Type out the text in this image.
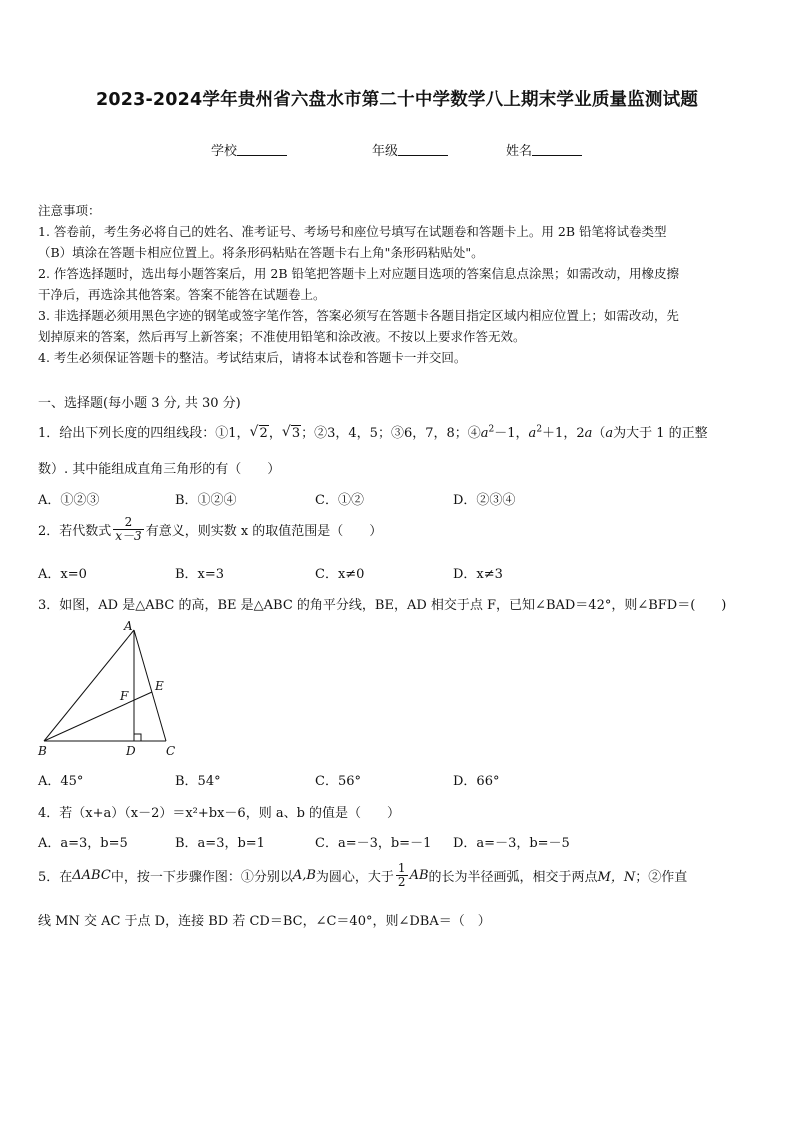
2023-2024学年贵州省六盘水市第二十中学数学八上期末学业质量监测试题
学校	年级	姓名
注意事项：
1. 答卷前，考生务必将自己的姓名、准考证号、考场号和座位号填写在试题卷和答题卡上。用 2B 铅笔将试卷类型
（B）填涂在答题卡相应位置上。将条形码粘贴在答题卡右上角"条形码粘贴处"。
2. 作答选择题时，选出每小题答案后，用 2B 铅笔把答题卡上对应题目选项的答案信息点涂黑；如需改动，用橡皮擦
干净后，再选涂其他答案。答案不能答在试题卷上。
3. 非选择题必须用黑色字迹的钢笔或签字笔作答，答案必须写在答题卡各题目指定区域内相应位置上；如需改动，先
划掉原来的答案，然后再写上新答案；不准使用铅笔和涂改液。不按以上要求作答无效。
4. 考生必须保证答题卡的整洁。考试结束后，请将本试卷和答题卡一并交回。
一、选择题(每小题 3 分, 共 30 分)
1．给出下列长度的四组线段：①1， √ 2， √ 3；②3，4，5；③6，7，8；$④a^2-1$，$a^2+1$，2a（a为大于 1 的正整
数）. 其中能组成直角三角形的有（　　）
A．①②③	B．①②④	C．①②	D．②③④
2．若代数式 $\frac{2}{x-3}$ 有意义，则实数 x 的取值范围是（　　）
A．x=0	B．x=3	C．x≠0	D．x≠3
3．如图，AD 是△ABC 的高，BE 是△ABC 的角平分线，BE，AD 相交于点 F，已知∠BAD＝42°，则∠BFD＝(　　)
A
B	C
D
E
F
A．45°	B．54°	C．56°	D．66°
4．若（x+a）（x－2）＝x²+bx－6，则 a、b 的值是（　　）
A．a=3，b=5	B．a=3，b=1	C．a=－3，b=－1 D．a=－3，b=－5
5．在ΔABC中，按一下步骤作图：①分别以A,B为圆心，大于 $\frac{1}{2}$ AB的长为半径画弧，相交于两点M，N；②作直
线 MN 交 AC 于点 D，连接 BD 若 CD＝BC，∠C＝40°，则∠DBA＝（　）
